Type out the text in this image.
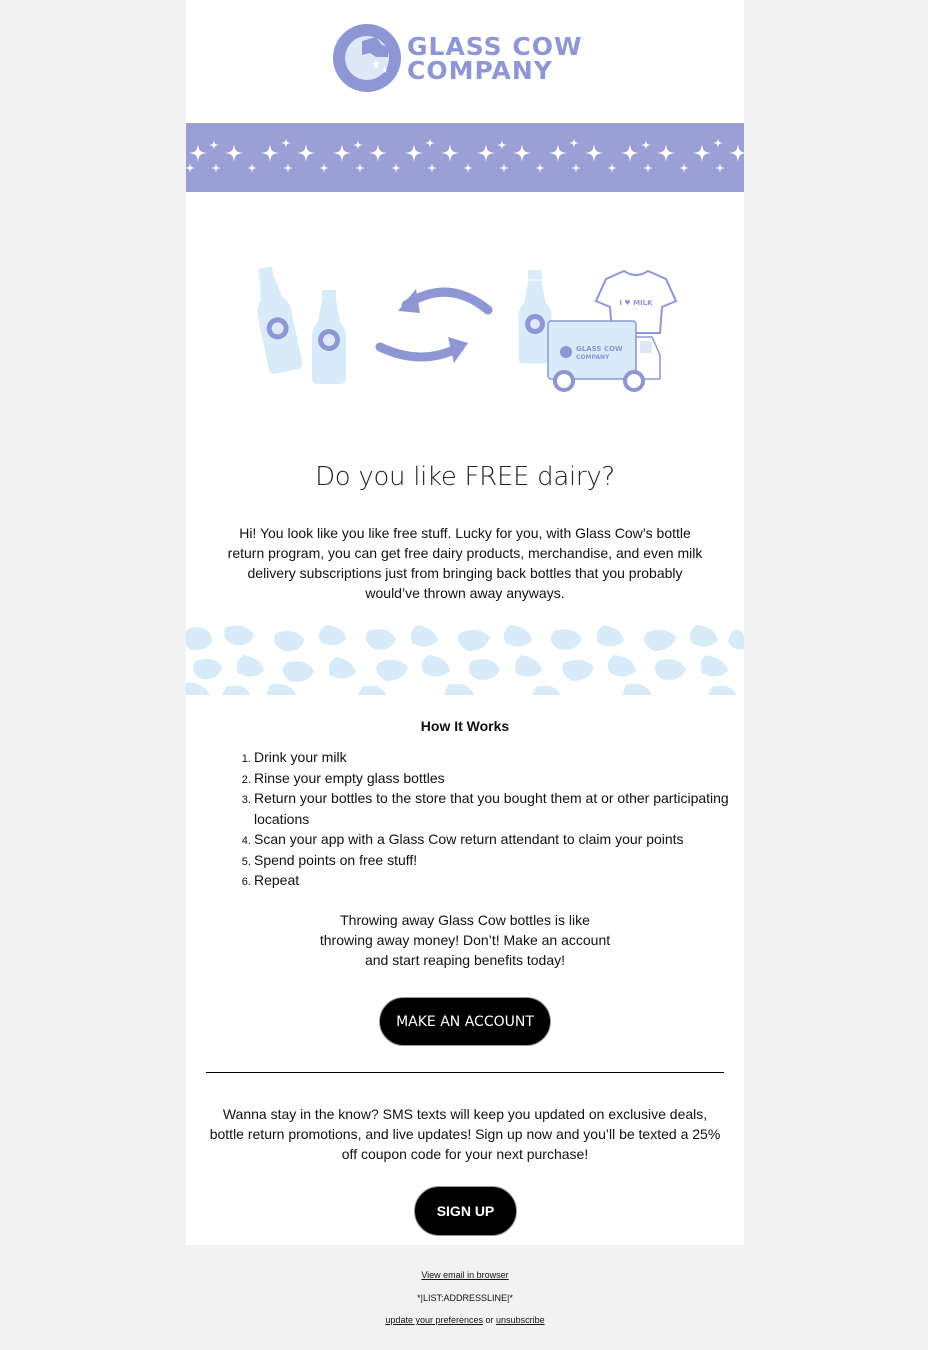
GLASS COW
COMPANY
I ♥ MILK
GLASS COW
COMPANY
Do you like FREE dairy?
Hi! You look like you like free stuff. Lucky for you, with Glass Cow’s bottle return program, you can get free dairy products, merchandise, and even milk delivery subscriptions just from bringing back bottles that you probably would’ve thrown away anyways.
How It Works
1. Drink your milk
2. Rinse your empty glass bottles
3. Return your bottles to the store that you bought them at or other participating locations
4. Scan your app with a Glass Cow return attendant to claim your points
5. Spend points on free stuff!
6. Repeat
Throwing away Glass Cow bottles is like
throwing away money! Don’t! Make an account
and start reaping benefits today!
MAKE AN ACCOUNT
Wanna stay in the know? SMS texts will keep you updated on exclusive deals, bottle return promotions, and live updates! Sign up now and you’ll be texted a 25% off coupon code for your next purchase!
SIGN UP
View email in browser
*|LIST:ADDRESSLINE|*
update your preferences or unsubscribe
